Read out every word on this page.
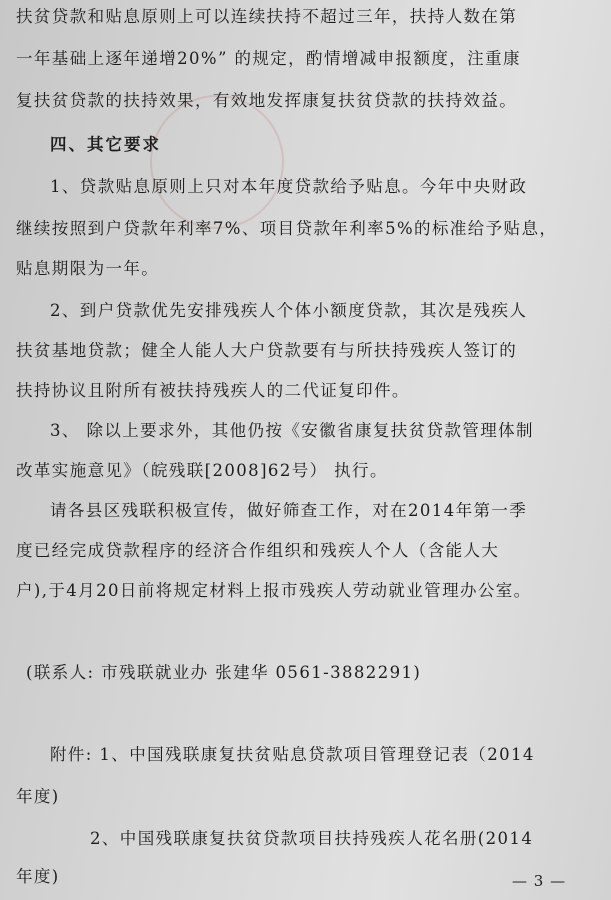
扶贫贷款和贴息原则上可以连续扶持不超过三年，扶持人数在第
一年基础上逐年递增20%” 的规定，酌情增减申报额度，注重康
复扶贫贷款的扶持效果，有效地发挥康复扶贫贷款的扶持效益。
四、其它要求
1、贷款贴息原则上只对本年度贷款给予贴息。今年中央财政
继续按照到户贷款年利率7%、项目贷款年利率5%的标准给予贴息，
贴息期限为一年。
2、到户贷款优先安排残疾人个体小额度贷款，其次是残疾人
扶贫基地贷款；健全人能人大户贷款要有与所扶持残疾人签订的
扶持协议且附所有被扶持残疾人的二代证复印件。
3、 除以上要求外，其他仍按《安徽省康复扶贫贷款管理体制
改革实施意见》（皖残联[2008]62号） 执行。
请各县区残联积极宣传，做好筛查工作，对在2014年第一季
度已经完成贷款程序的经济合作组织和残疾人个人（含能人大
户),于4月20日前将规定材料上报市残疾人劳动就业管理办公室。
(联系人: 市残联就业办 张建华 0561-3882291)
附件: 1、中国残联康复扶贫贴息贷款项目管理登记表（2014
年度)
2、中国残联康复扶贫贷款项目扶持残疾人花名册(2014
年度)	— 3 —
